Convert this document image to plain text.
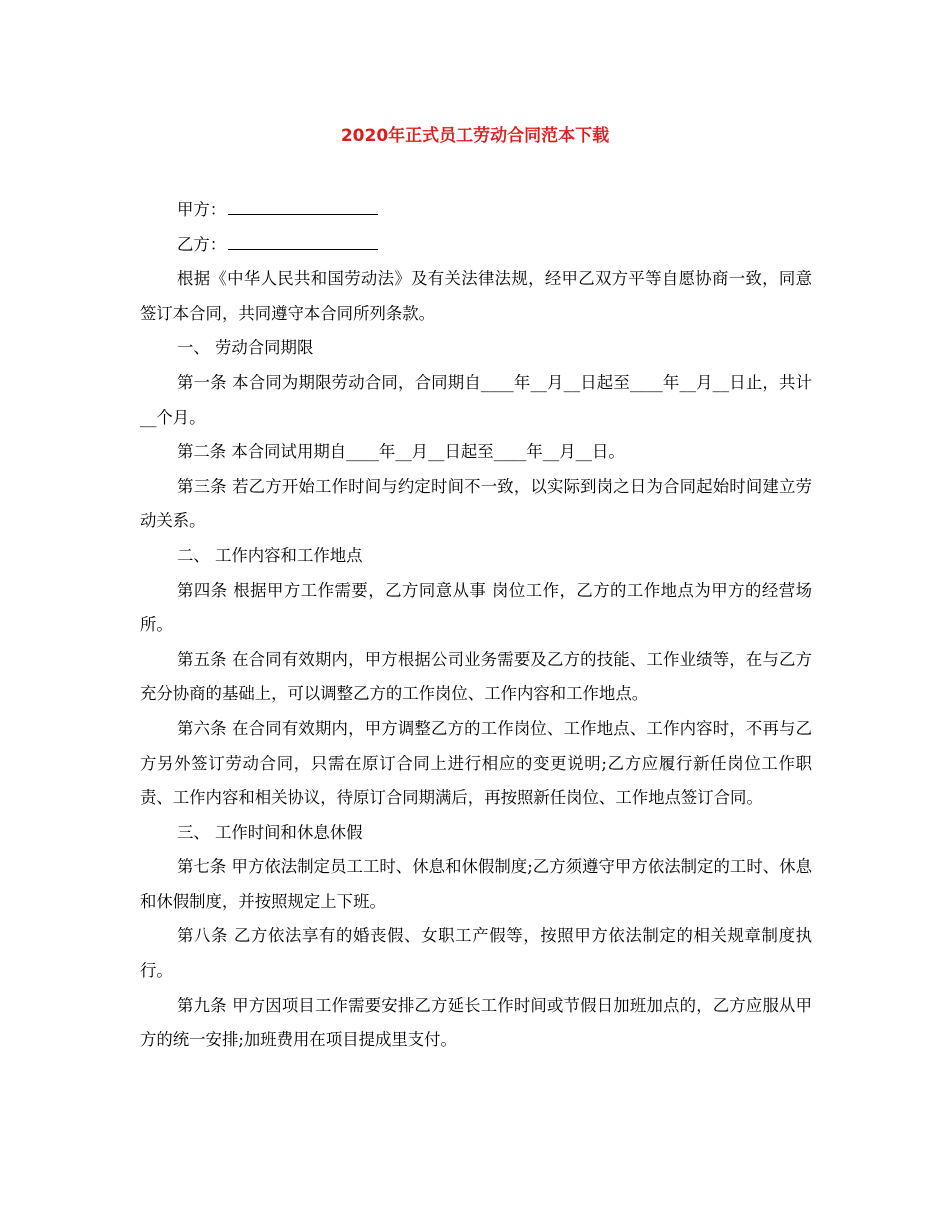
2020年正式员工劳动合同范本下载

甲方：

乙方：

根据《中华人民共和国劳动法》及有关法律法规，经甲乙双方平等自愿协商一致，同意签订本合同，共同遵守本合同所列条款。

一、 劳动合同期限

第一条 本合同为期限劳动合同，合同期自____年__月__日起至____年__月__日止，共计__个月。

第二条 本合同试用期自____年__月__日起至____年__月__日。

第三条 若乙方开始工作时间与约定时间不一致，以实际到岗之日为合同起始时间建立劳动关系。

二、 工作内容和工作地点

第四条 根据甲方工作需要，乙方同意从事 岗位工作，乙方的工作地点为甲方的经营场所。

第五条 在合同有效期内，甲方根据公司业务需要及乙方的技能、工作业绩等，在与乙方充分协商的基础上，可以调整乙方的工作岗位、工作内容和工作地点。

第六条 在合同有效期内，甲方调整乙方的工作岗位、工作地点、工作内容时，不再与乙方另外签订劳动合同，只需在原订合同上进行相应的变更说明;乙方应履行新任岗位工作职责、工作内容和相关协议，待原订合同期满后，再按照新任岗位、工作地点签订合同。

三、 工作时间和休息休假

第七条 甲方依法制定员工工时、休息和休假制度;乙方须遵守甲方依法制定的工时、休息和休假制度，并按照规定上下班。

第八条 乙方依法享有的婚丧假、女职工产假等，按照甲方依法制定的相关规章制度执行。

第九条 甲方因项目工作需要安排乙方延长工作时间或节假日加班加点的，乙方应服从甲方的统一安排;加班费用在项目提成里支付。
